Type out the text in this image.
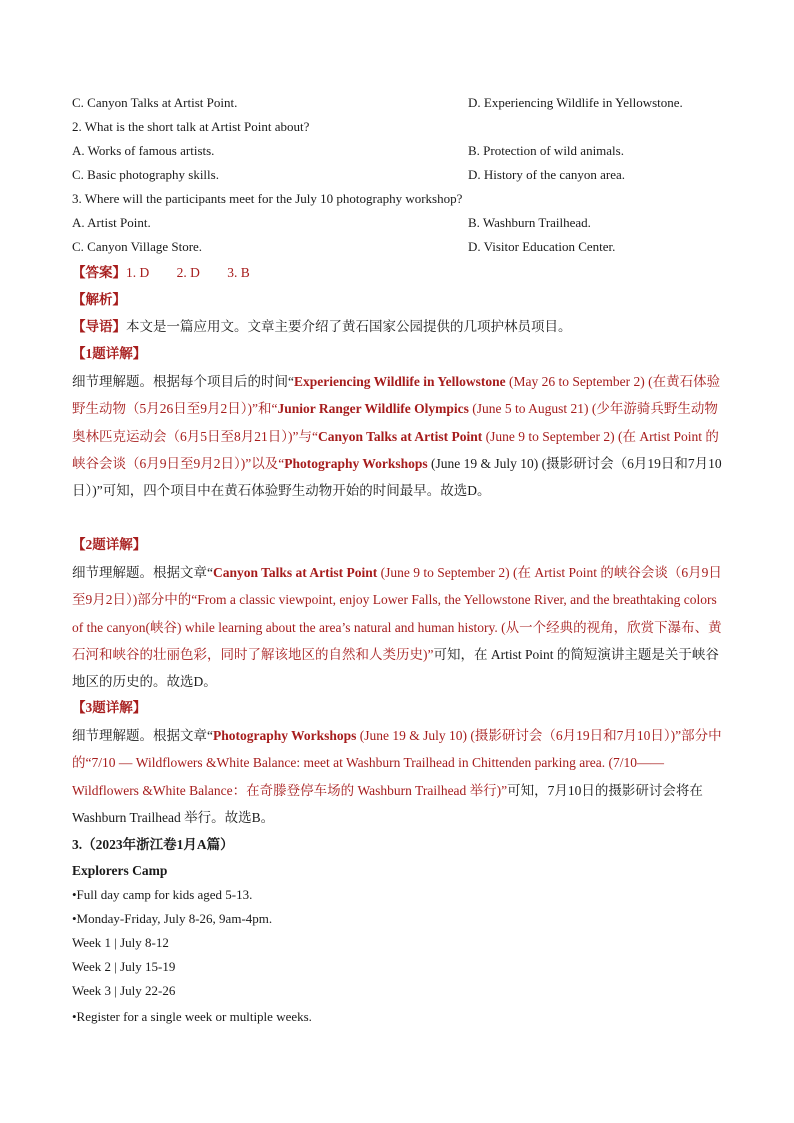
C. Canyon Talks at Artist Point.	D. Experiencing Wildlife in Yellowstone.
2. What is the short talk at Artist Point about?
A. Works of famous artists.	B. Protection of wild animals.
C. Basic photography skills.	D. History of the canyon area.
3. Where will the participants meet for the July 10 photography workshop?
A. Artist Point.	B. Washburn Trailhead.
C. Canyon Village Store.	D. Visitor Education Center.
【答案】1. D 2. D 3. B
【解析】
【导语】本文是一篇应用文。文章主要介绍了黄石国家公园提供的几项护林员项目。
【1题详解】

细节理解题。根据每个项目后的时间“Experiencing Wildlife in Yellowstone (May 26 to September 2) (在黄石体验野生动物（5月26日至9月2日）)”和“Junior Ranger Wildlife Olympics (June 5 to August 21) (少年游骑兵野生动物奥林匹克运动会（6月5日至8月21日）)”与“Canyon Talks at Artist Point (June 9 to September 2) (在 Artist Point 的峡谷会谈（6月9日至9月2日）)”以及“Photography Workshops (June 19 & July 10) (摄影研讨会（6月19日和7月10日）)”可知，四个项目中在黄石体验野生动物开始的时间最早。故选D。

【2题详解】

细节理解题。根据文章“Canyon Talks at Artist Point (June 9 to September 2) (在 Artist Point 的峡谷会谈（6月9日至9月2日）)部分中的“From a classic viewpoint, enjoy Lower Falls, the Yellowstone River, and the breathtaking colors of the canyon(峡谷) while learning about the area’s natural and human history. (从一个经典的视角，欣赏下瀑布、黄石河和峡谷的壮丽色彩，同时了解该地区的自然和人类历史)”可知，在 Artist Point 的简短演讲主题是关于峡谷地区的历史的。故选D。

【3题详解】

细节理解题。根据文章“Photography Workshops (June 19 & July 10) (摄影研讨会（6月19日和7月10日）)”部分中的“7/10 — Wildflowers &White Balance: meet at Washburn Trailhead in Chittenden parking area. (7/10——Wildflowers &White Balance：在奇滕登停车场的 Washburn Trailhead 举行)”可知，7月10日的摄影研讨会将在 Washburn Trailhead 举行。故选B。

3.（2023年浙江卷1月A篇）
Explorers Camp
•Full day camp for kids aged 5-13.
•Monday-Friday, July 8-26, 9am-4pm.
Week 1 | July 8-12
Week 2 | July 15-19
Week 3 | July 22-26
•Register for a single week or multiple weeks.
